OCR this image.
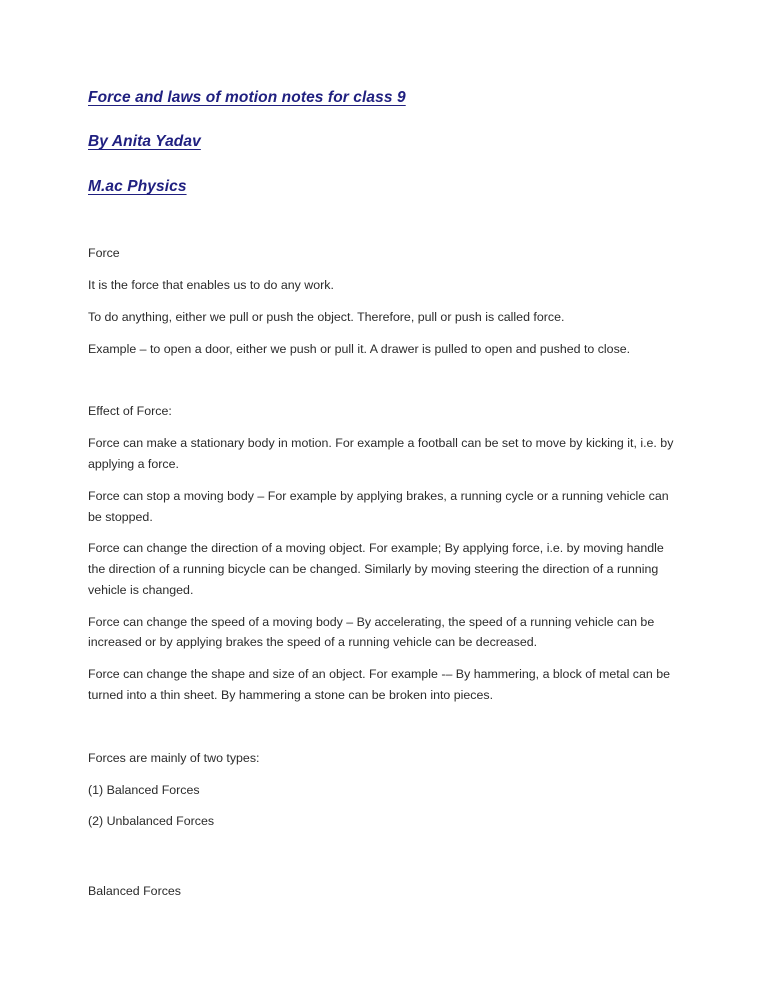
Force and laws of motion notes for class 9
By Anita Yadav
M.ac Physics

Force

It is the force that enables us to do any work.

To do anything, either we pull or push the object. Therefore, pull or push is called force.

Example – to open a door, either we push or pull it. A drawer is pulled to open and pushed to close.

Effect of Force:

Force can make a stationary body in motion. For example a football can be set to move by kicking it, i.e. by applying a force.

Force can stop a moving body – For example by applying brakes, a running cycle or a running vehicle can be stopped.

Force can change the direction of a moving object. For example; By applying force, i.e. by moving handle the direction of a running bicycle can be changed. Similarly by moving steering the direction of a running vehicle is changed.

Force can change the speed of a moving body – By accelerating, the speed of a running vehicle can be increased or by applying brakes the speed of a running vehicle can be decreased.

Force can change the shape and size of an object. For example -– By hammering, a block of metal can be turned into a thin sheet. By hammering a stone can be broken into pieces.

Forces are mainly of two types:

(1) Balanced Forces

(2) Unbalanced Forces

Balanced Forces
